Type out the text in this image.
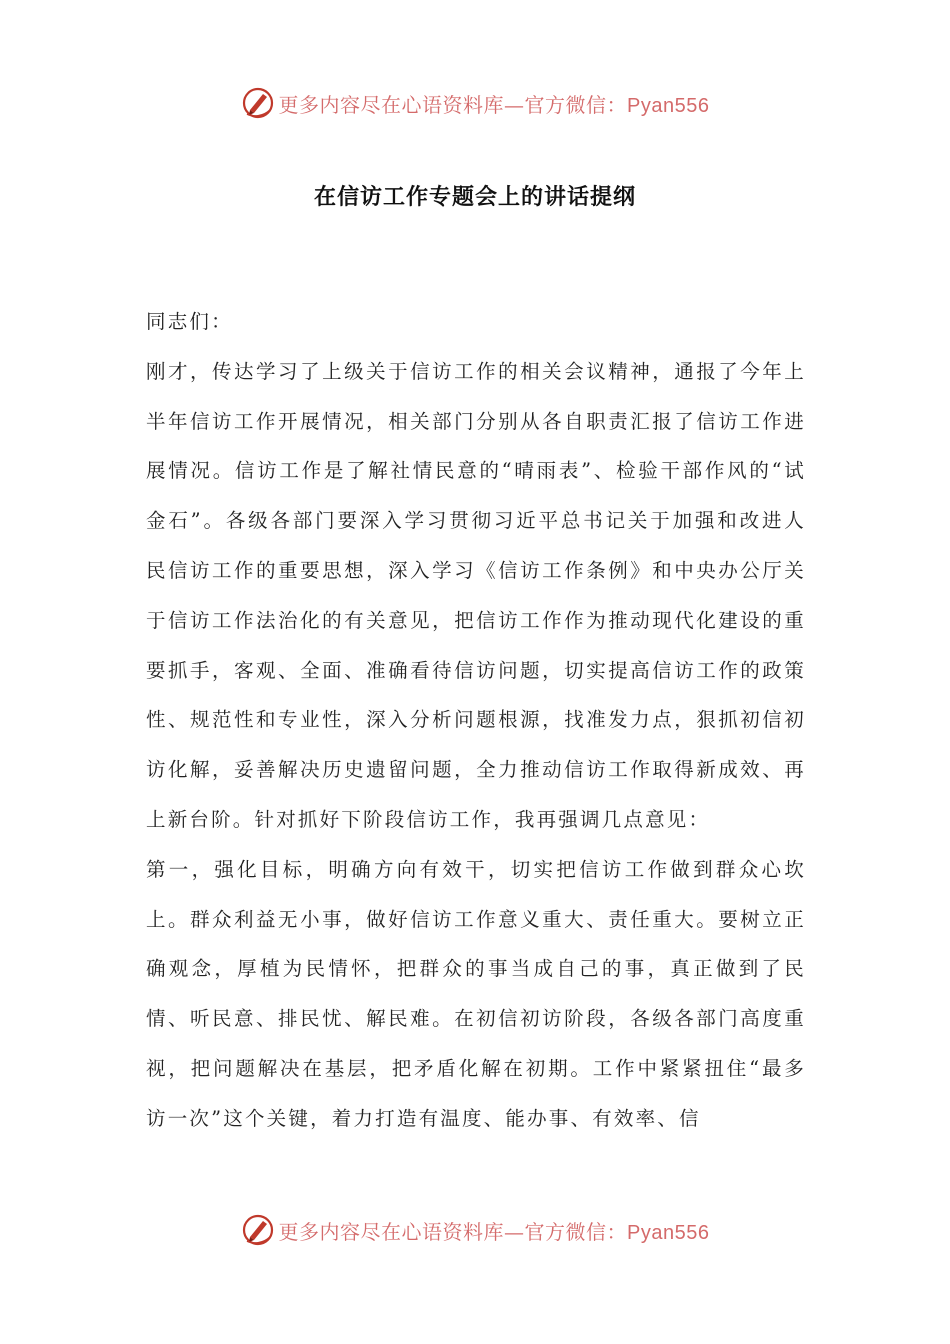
更多内容尽在心语资料库—官方微信：Pyan556
在信访工作专题会上的讲话提纲

同志们：

刚才，传达学习了上级关于信访工作的相关会议精神，通报了今年上半年信访工作开展情况，相关部门分别从各自职责汇报了信访工作进展情况。信访工作是了解社情民意的“晴雨表”、检验干部作风的“试金石”。各级各部门要深入学习贯彻习近平总书记关于加强和改进人民信访工作的重要思想，深入学习《信访工作条例》和中央办公厅关于信访工作法治化的有关意见，把信访工作作为推动现代化建设的重要抓手，客观、全面、准确看待信访问题，切实提高信访工作的政策性、规范性和专业性，深入分析问题根源，找准发力点，狠抓初信初访化解，妥善解决历史遗留问题，全力推动信访工作取得新成效、再上新台阶。针对抓好下阶段信访工作，我再强调几点意见：

第一，强化目标，明确方向有效干，切实把信访工作做到群众心坎上。群众利益无小事，做好信访工作意义重大、责任重大。要树立正确观念，厚植为民情怀，把群众的事当成自己的事，真正做到了民情、听民意、排民忧、解民难。在初信初访阶段，各级各部门高度重视，把问题解决在基层，把矛盾化解在初期。工作中紧紧扭住“最多访一次”这个关键，着力打造有温度、能办事、有效率、信

更多内容尽在心语资料库—官方微信：Pyan556
